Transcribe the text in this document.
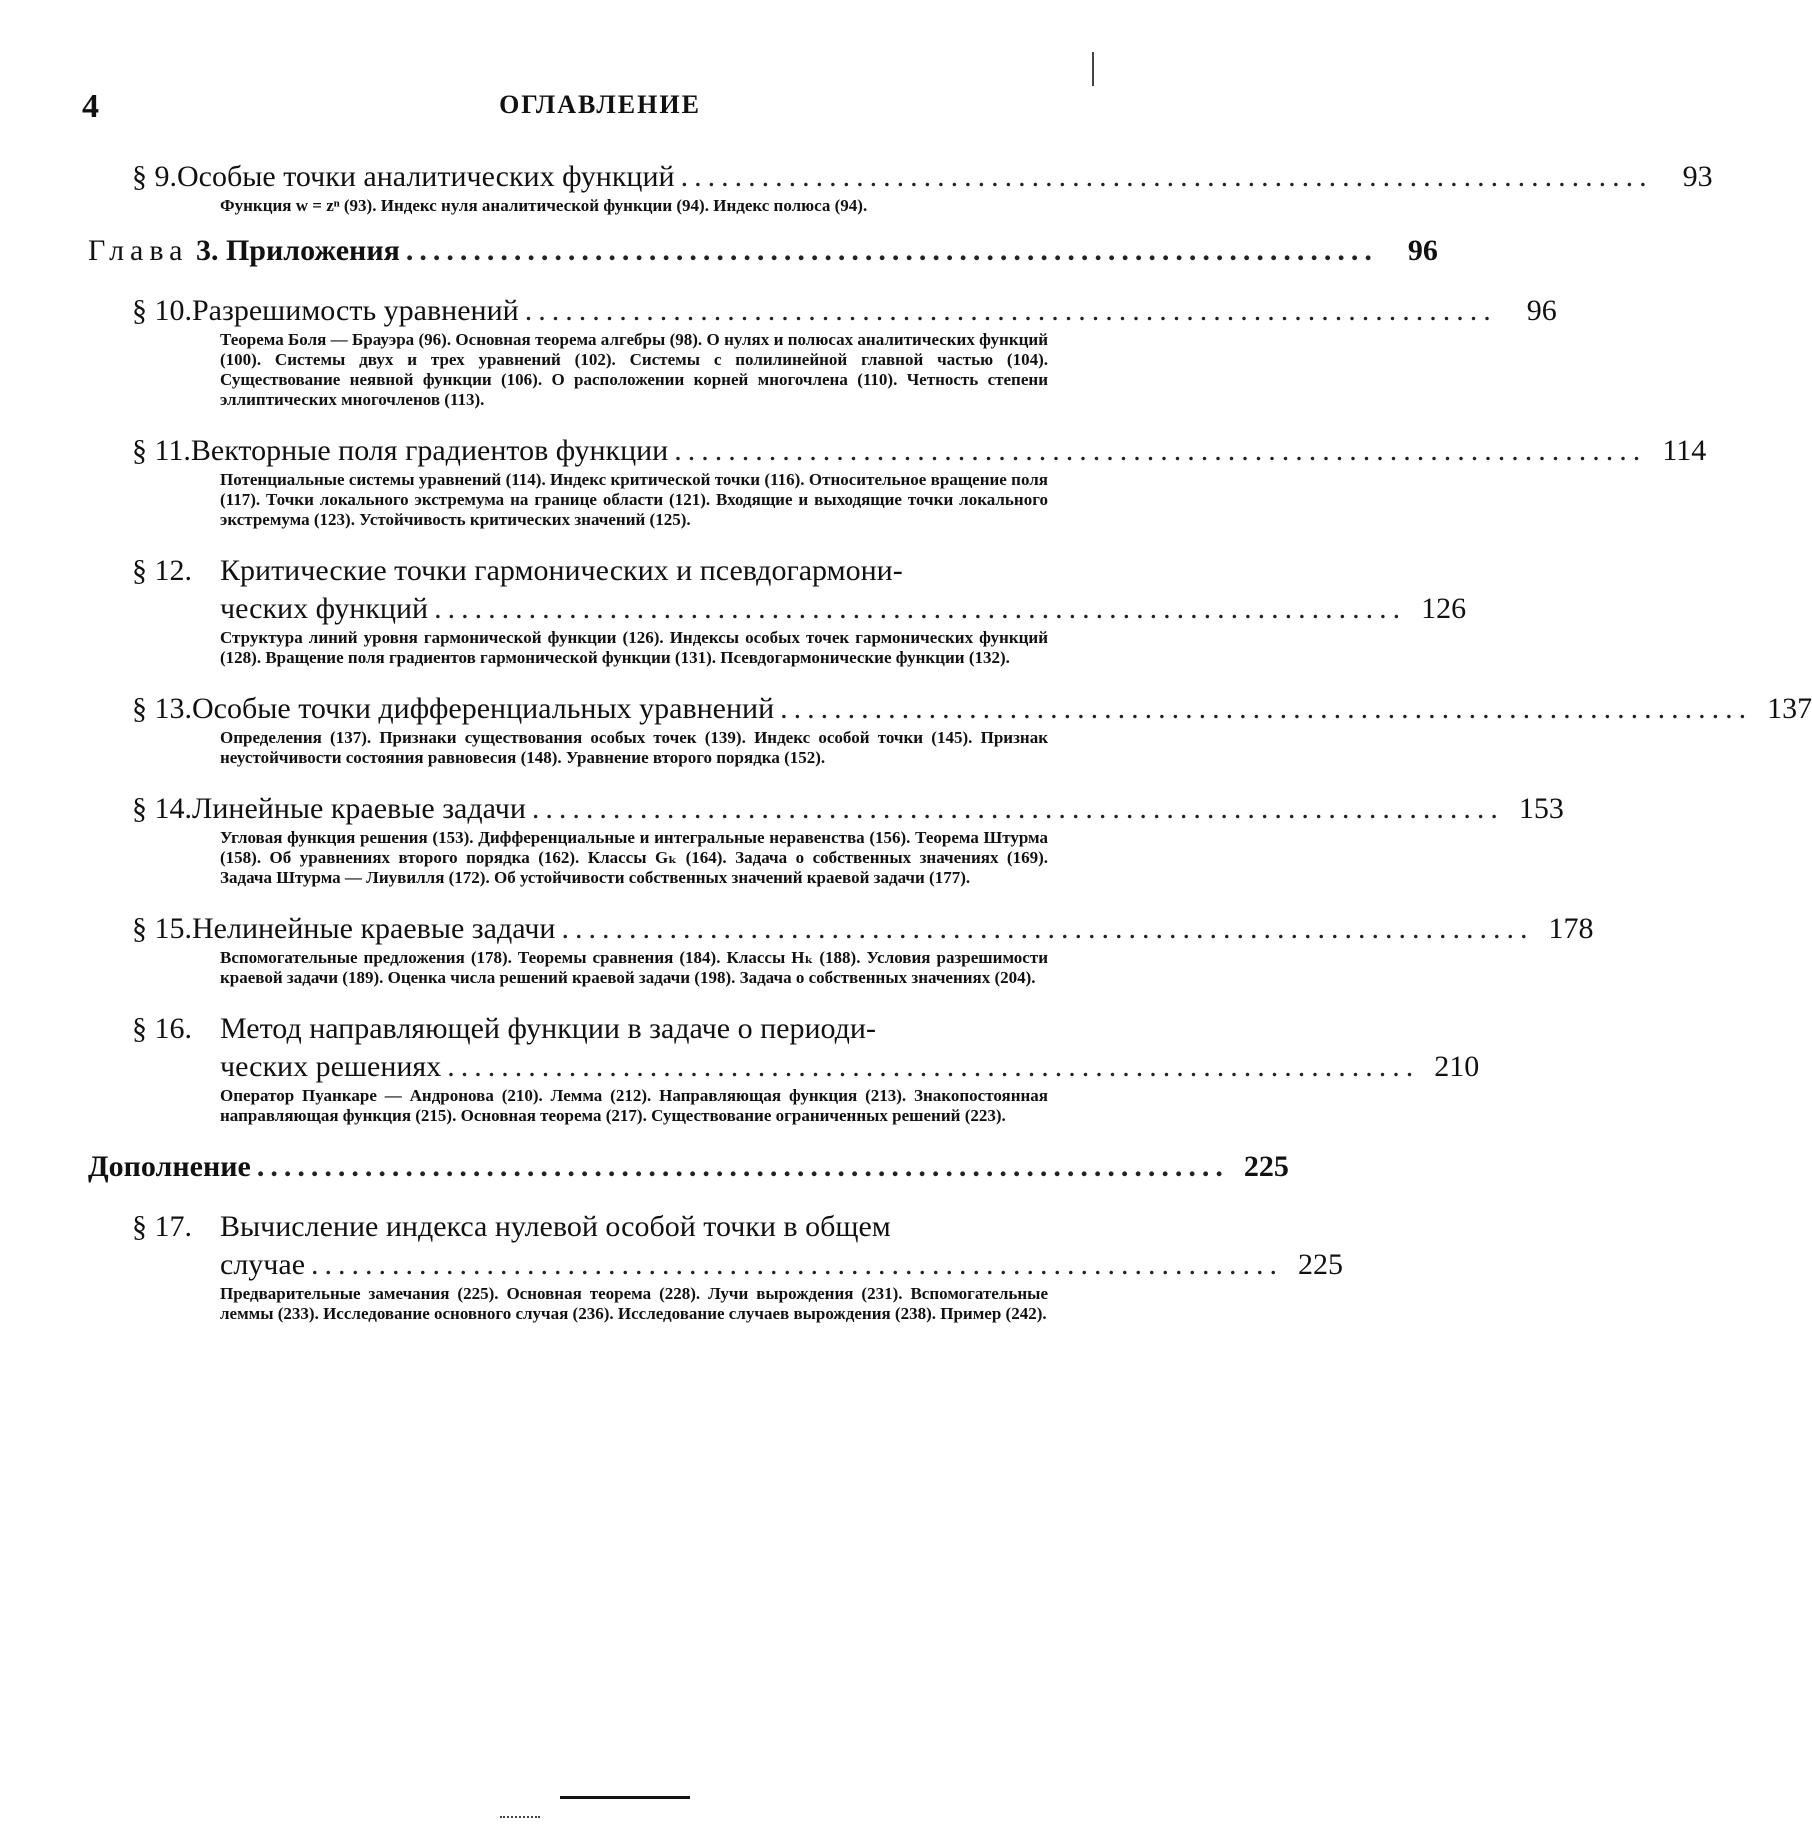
4	ОГЛАВЛЕНИЕ
§ 9. Особые точки аналитических функций ........................................................................	93
Функция w = zⁿ (93). Индекс нуля аналитической функции (94). Индекс полюса (94).
Глава 3. Приложения ........................................................................	96
§ 10. Разрешимость уравнений ........................................................................	96
Теорема Боля — Брауэра (96). Основная теорема алгебры (98). О нулях и полюсах аналитических функций (100). Системы двух и трех уравнений (102). Системы с полилинейной главной частью (104). Существование неявной функции (106). О расположении корней многочлена (110). Четность степени эллиптических многочленов (113).
§ 11. Векторные поля градиентов функции ........................................................................ 114
Потенциальные системы уравнений (114). Индекс критической точки (116). Относительное вращение поля (117). Точки локального экстремума на границе области (121). Входящие и выходящие точки локального экстремума (123). Устойчивость критических значений (125).
§ 12. Критические точки гармонических и псевдогармони-
ческих функций ........................................................................ 126
Структура линий уровня гармонической функции (126). Индексы особых точек гармонических функций (128). Вращение поля градиентов гармонической функции (131). Псевдогармонические функции (132).
§ 13. Особые точки дифференциальных уравнений ........................................................................ 137
Определения (137). Признаки существования особых точек (139). Индекс особой точки (145). Признак неустойчивости состояния равновесия (148). Уравнение второго порядка (152).
§ 14. Линейные краевые задачи ........................................................................ 153
Угловая функция решения (153). Дифференциальные и интегральные неравенства (156). Теорема Штурма (158). Об уравнениях второго порядка (162). Классы Gₖ (164). Задача о собственных значениях (169). Задача Штурма — Лиувилля (172). Об устойчивости собственных значений краевой задачи (177).
§ 15. Нелинейные краевые задачи ........................................................................ 178
Вспомогательные предложения (178). Теоремы сравнения (184). Классы Hₖ (188). Условия разрешимости краевой задачи (189). Оценка числа решений краевой задачи (198). Задача о собственных значениях (204).
§ 16. Метод направляющей функции в задаче о периоди-
ческих решениях ........................................................................ 210
Оператор Пуанкаре — Андронова (210). Лемма (212). Направляющая функция (213). Знакопостоянная направляющая функция (215). Основная теорема (217). Существование ограниченных решений (223).
Дополнение ........................................................................ 225
§ 17. Вычисление индекса нулевой особой точки в общем
случае ........................................................................ 225
Предварительные замечания (225). Основная теорема (228). Лучи вырождения (231). Вспомогательные леммы (233). Исследование основного случая (236). Исследование случаев вырождения (238). Пример (242).
